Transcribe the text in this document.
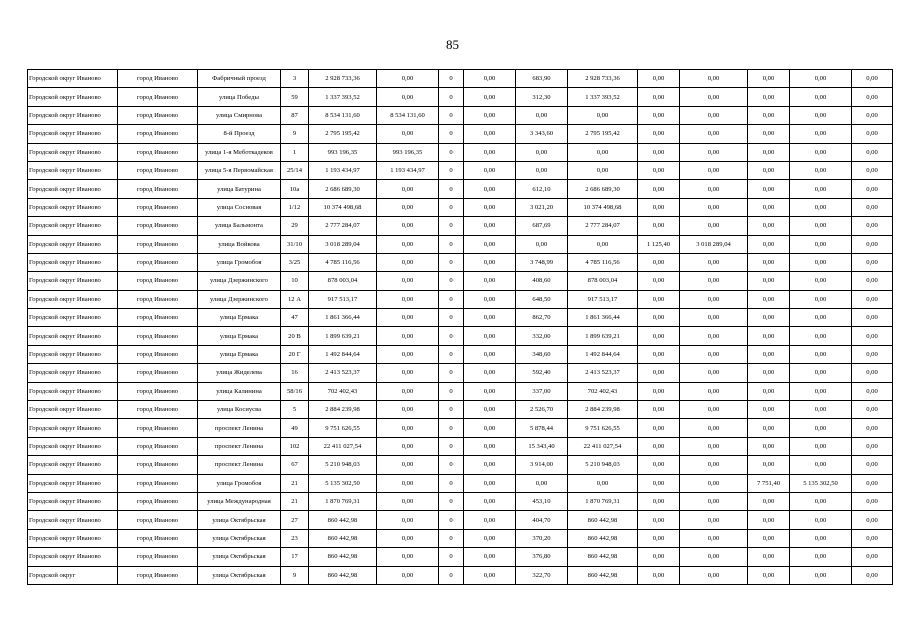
85
Городской округ Иваново	город Иваново	Фабричный проезд	3	2 928 733,36	0,00	0	0,00	683,90	2 928 733,36	0,00	0,00	0,00	0,00	0,00
Городской округ Иваново	город Иваново	улица Победы	59	1 337 393,52	0,00	0	0,00	312,30	1 337 393,52	0,00	0,00	0,00	0,00	0,00
Городской округ Иваново	город Иваново	улица Смирнова	87	8 534 131,60	8 534 131,60	0	0,00	0,00	0,00	0,00	0,00	0,00	0,00	0,00
Городской округ Иваново	город Иваново	8-й Проезд	9	2 795 195,42	0,00	0	0,00	3 343,60	2 795 195,42	0,00	0,00	0,00	0,00	0,00
Городской округ Иваново	город Иваново	улица 1-я Меботкадеков	1	993 196,35	993 196,35	0	0,00	0,00	0,00	0,00	0,00	0,00	0,00	0,00
Городской округ Иваново	город Иваново	улица 5-я Первомайская	25/14	1 193 434,97	1 193 434,97	0	0,00	0,00	0,00	0,00	0,00	0,00	0,00	0,00
Городской округ Иваново	город Иваново	улица Батурина	10а	2 686 689,30	0,00	0	0,00	612,10	2 686 689,30	0,00	0,00	0,00	0,00	0,00
Городской округ Иваново	город Иваново	улица Сосновая	1/12	10 374 498,68	0,00	0	0,00	3 021,20	10 374 498,68	0,00	0,00	0,00	0,00	0,00
Городской округ Иваново	город Иваново	улица Бальмонта	29	2 777 284,07	0,00	0	0,00	687,69	2 777 284,07	0,00	0,00	0,00	0,00	0,00
Городской округ Иваново	город Иваново	улица Войкова	31/10	3 018 289,04	0,00	0	0,00	0,00	0,00	1 125,40	3 018 289,04	0,00	0,00	0,00
Городской округ Иваново	город Иваново	улица Громобоя	3/25	4 785 116,56	0,00	0	0,00	3 748,99	4 785 116,56	0,00	0,00	0,00	0,00	0,00
Городской округ Иваново	город Иваново	улица Дзержинского	10	878 003,04	0,00	0	0,00	408,60	878 003,04	0,00	0,00	0,00	0,00	0,00
Городской округ Иваново	город Иваново	улица Дзержинского	12 А	917 513,17	0,00	0	0,00	648,50	917 513,17	0,00	0,00	0,00	0,00	0,00
Городской округ Иваново	город Иваново	улица Ермака	47	1 861 366,44	0,00	0	0,00	862,70	1 861 366,44	0,00	0,00	0,00	0,00	0,00
Городской округ Иваново	город Иваново	улица Ермака	20 В	1 899 639,21	0,00	0	0,00	332,00	1 899 639,21	0,00	0,00	0,00	0,00	0,00
Городской округ Иваново	город Иваново	улица Ермака	20 Г	1 492 844,64	0,00	0	0,00	348,60	1 492 844,64	0,00	0,00	0,00	0,00	0,00
Городской округ Иваново	город Иваново	улица Жиделева	16	2 413 523,37	0,00	0	0,00	592,40	2 413 523,37	0,00	0,00	0,00	0,00	0,00
Городской округ Иваново	город Иваново	улица Калинина	58/16	702 402,43	0,00	0	0,00	337,00	702 402,43	0,00	0,00	0,00	0,00	0,00
Городской округ Иваново	город Иваново	улица Косиусва	5	2 884 239,98	0,00	0	0,00	2 526,70	2 884 239,98	0,00	0,00	0,00	0,00	0,00
Городской округ Иваново	город Иваново	проспект Ленина	49	9 751 626,55	0,00	0	0,00	5 878,44	9 751 626,55	0,00	0,00	0,00	0,00	0,00
Городской округ Иваново	город Иваново	проспект Ленина	102	22 411 027,54	0,00	0	0,00	15 343,40	22 411 027,54	0,00	0,00	0,00	0,00	0,00
Городской округ Иваново	город Иваново	проспект Ленина	67	5 210 948,03	0,00	0	0,00	3 914,00	5 210 948,03	0,00	0,00	0,00	0,00	0,00
Городской округ Иваново	город Иваново	улица Громобоя	21	5 135 302,50	0,00	0	0,00	0,00	0,00	0,00	0,00	7 751,40	5 135 302,50	0,00
Городской округ Иваново	город Иваново	улица Международная	21	1 870 769,31	0,00	0	0,00	453,10	1 870 769,31	0,00	0,00	0,00	0,00	0,00
Городской округ Иваново	город Иваново	улица Октябрьская	27	860 442,98	0,00	0	0,00	404,70	860 442,98	0,00	0,00	0,00	0,00	0,00
Городской округ Иваново	город Иваново	улица Октябрьская	23	860 442,98	0,00	0	0,00	370,20	860 442,98	0,00	0,00	0,00	0,00	0,00
Городской округ Иваново	город Иваново	улица Октябрьская	17	860 442,98	0,00	0	0,00	376,80	860 442,98	0,00	0,00	0,00	0,00	0,00
Городской округ	город Иваново	улица Октябрьская	9	860 442,98	0,00	0	0,00	322,70	860 442,98	0,00	0,00	0,00	0,00	0,00
